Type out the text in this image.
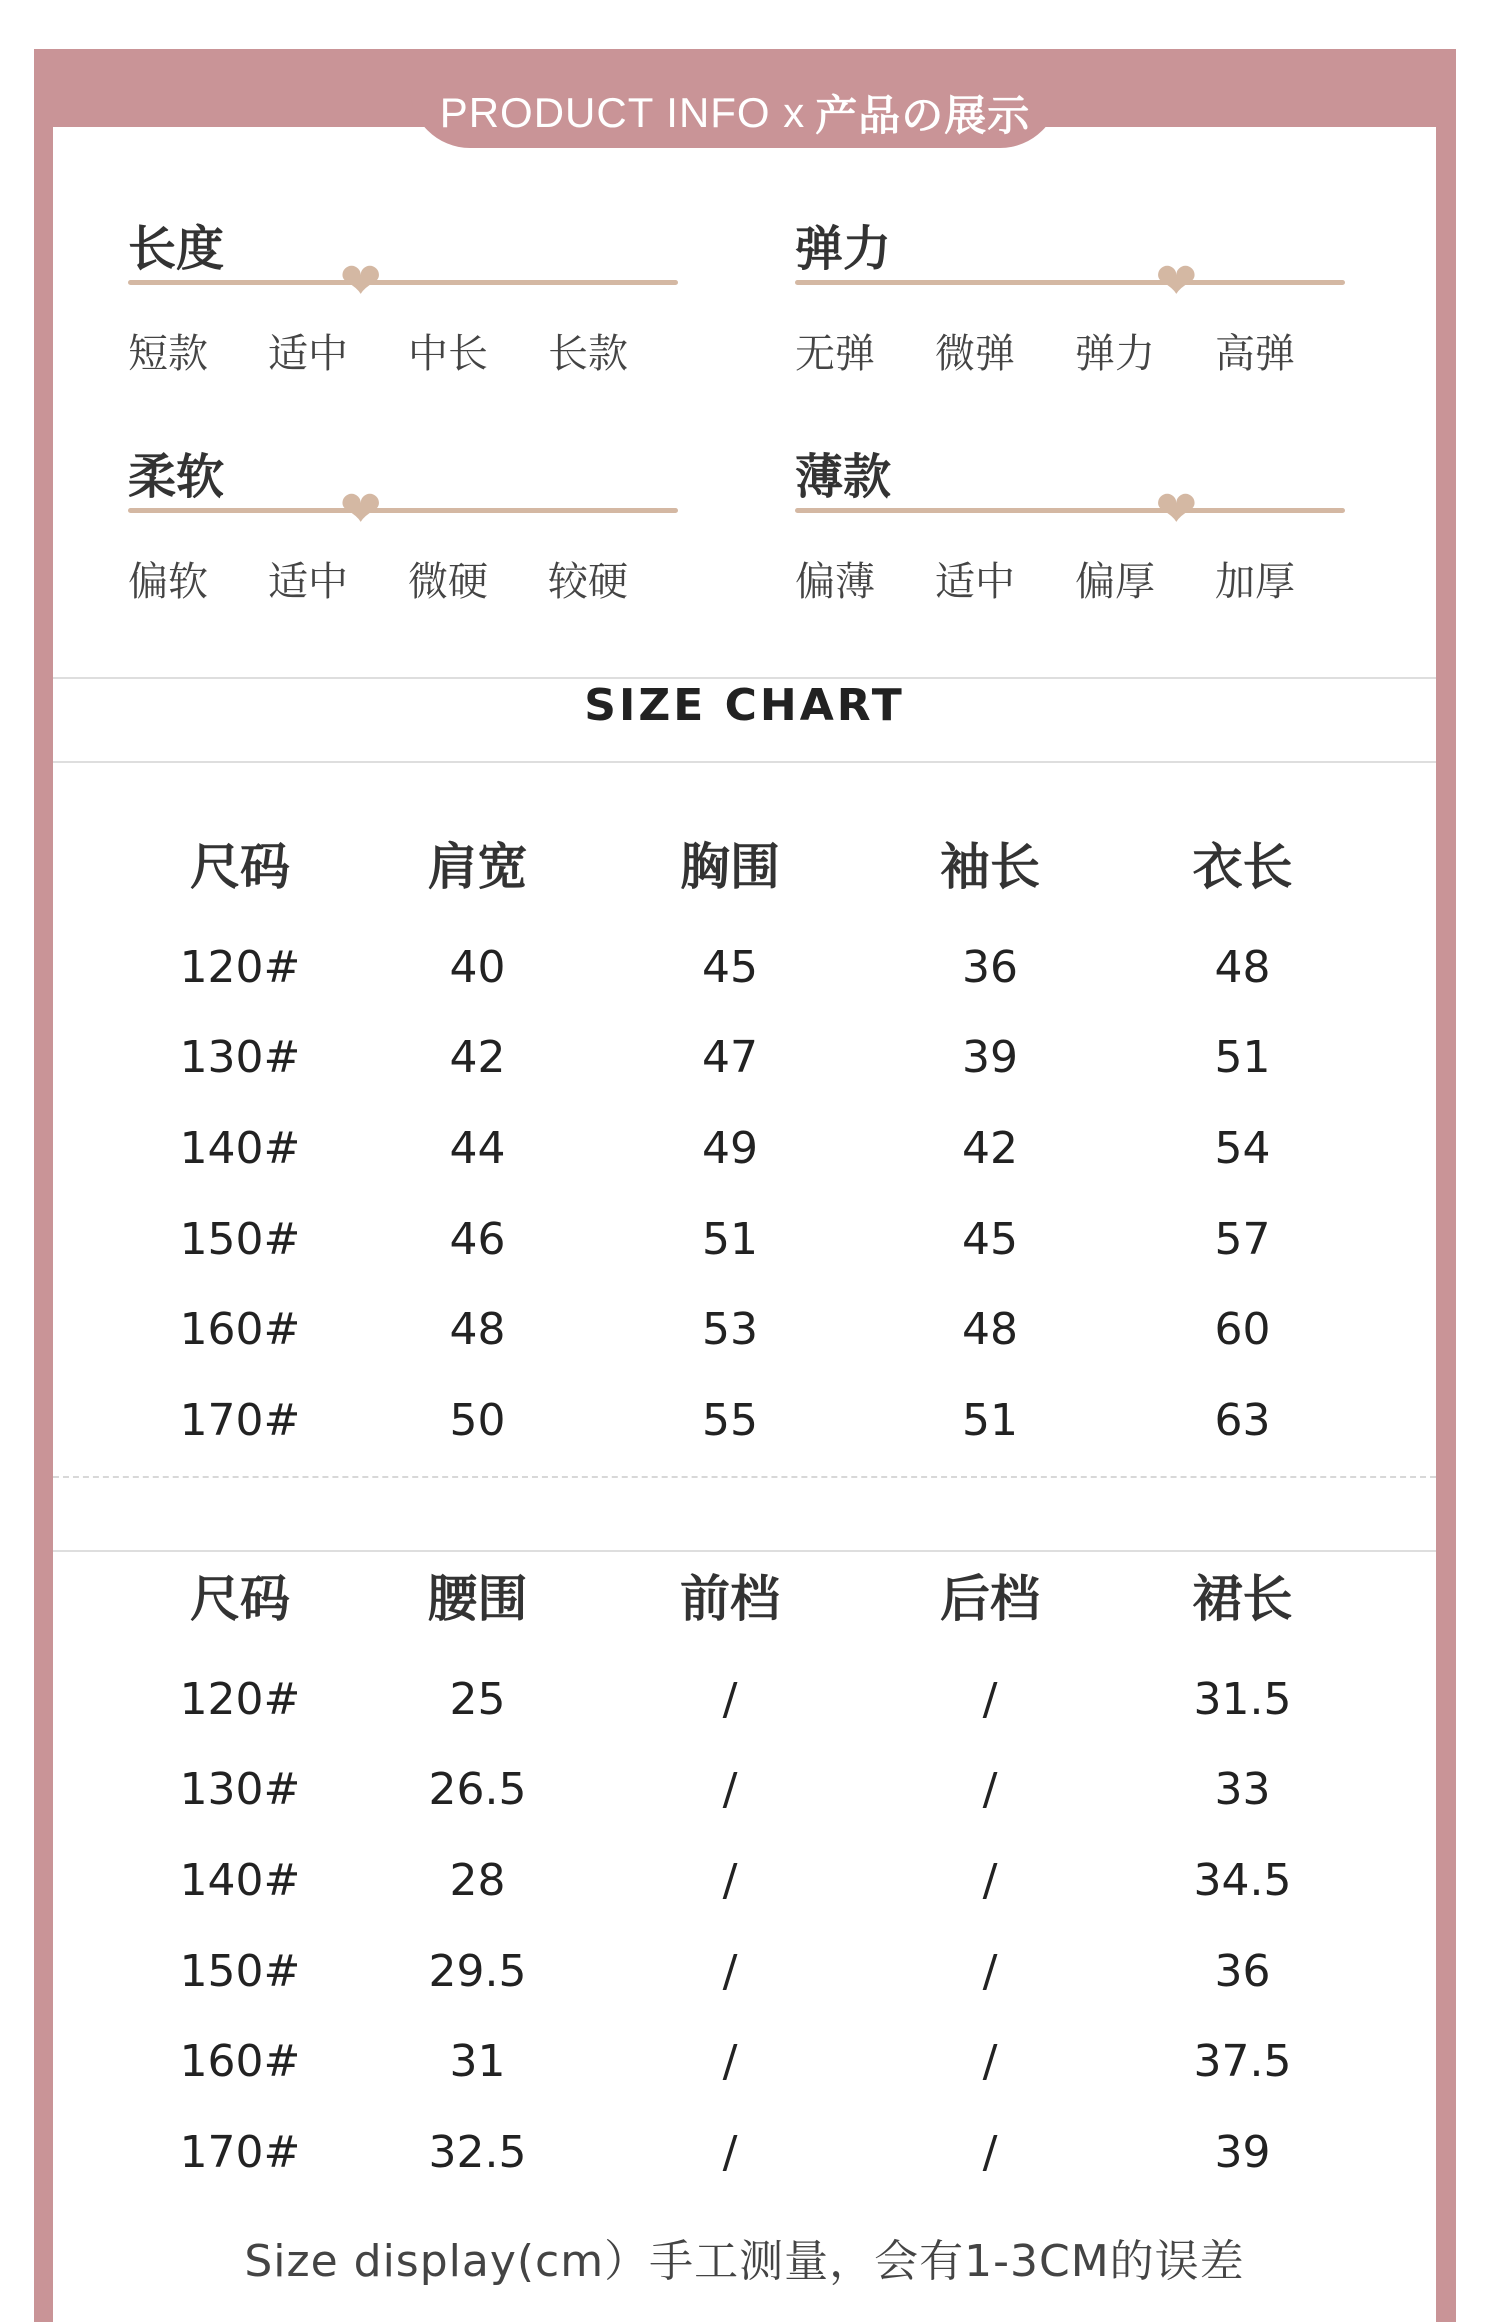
PRODUCT INFO x 产品の展示
长度
❤
短款	适中	中长	长款
弹力
❤
无弹	微弹	弹力	高弹
柔软
❤
偏软	适中	微硬	较硬
薄款
❤
偏薄	适中	偏厚	加厚
SIZE CHART
尺码	肩宽	胸围	袖长	衣长
120#	40	45	36	48
130#	42	47	39	51
140#	44	49	42	54
150#	46	51	45	57
160#	48	53	48	60
170#	50	55	51	63
尺码	腰围	前档	后档	裙长
120#	25	/	/	31.5
130#	26.5	/	/	33
140#	28	/	/	34.5
150#	29.5	/	/	36
160#	31	/	/	37.5
170#	32.5	/	/	39
Size display(cm）手工测量，会有1-3CM的误差
